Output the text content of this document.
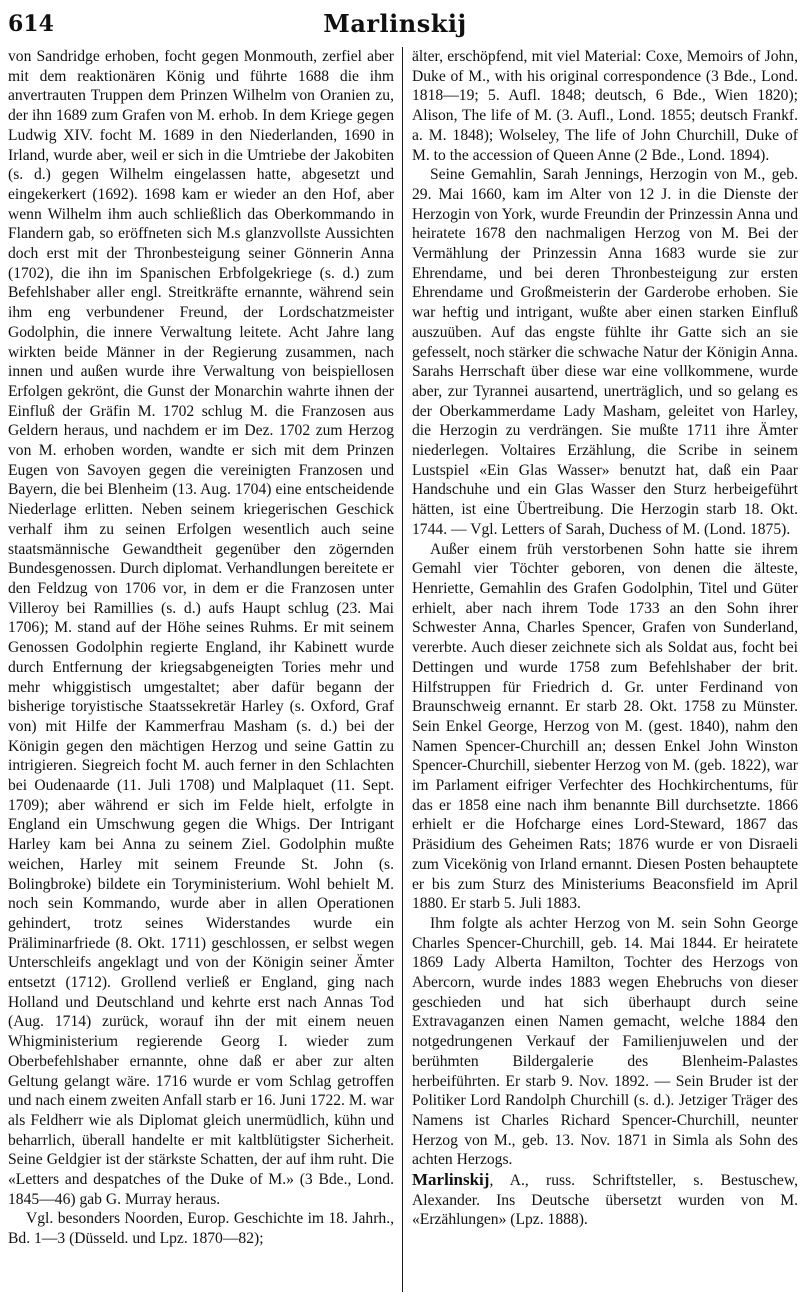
614	Marlinskij

von Sandridge erhoben, focht gegen Monmouth, zerfiel aber mit dem reaktionären König und führte 1688 die ihm anvertrauten Truppen dem Prinzen Wilhelm von Oranien zu, der ihn 1689 zum Grafen von M. erhob. In dem Kriege gegen Ludwig XIV. focht M. 1689 in den Niederlanden, 1690 in Irland, wurde aber, weil er sich in die Umtriebe der Jakobiten (s. d.) gegen Wilhelm eingelassen hatte, abgesetzt und eingekerkert (1692). 1698 kam er wieder an den Hof, aber wenn Wilhelm ihm auch schließlich das Oberkommando in Flandern gab, so eröffneten sich M.s glanzvollste Aussichten doch erst mit der Thronbesteigung seiner Gönnerin Anna (1702), die ihn im Spanischen Erbfolgekriege (s. d.) zum Befehlshaber aller engl. Streitkräfte ernannte, während sein ihm eng verbundener Freund, der Lordschatzmeister Godolphin, die innere Verwaltung leitete. Acht Jahre lang wirkten beide Männer in der Regierung zusammen, nach innen und außen wurde ihre Verwaltung von beispiellosen Erfolgen gekrönt, die Gunst der Monarchin wahrte ihnen der Einfluß der Gräfin M. 1702 schlug M. die Franzosen aus Geldern heraus, und nachdem er im Dez. 1702 zum Herzog von M. erhoben worden, wandte er sich mit dem Prinzen Eugen von Savoyen gegen die vereinigten Franzosen und Bayern, die bei Blenheim (13. Aug. 1704) eine entscheidende Niederlage erlitten. Neben seinem kriegerischen Geschick verhalf ihm zu seinen Erfolgen wesentlich auch seine staatsmännische Gewandtheit gegenüber den zögernden Bundesgenossen. Durch diplomat. Verhandlungen bereitete er den Feldzug von 1706 vor, in dem er die Franzosen unter Villeroy bei Ramillies (s. d.) aufs Haupt schlug (23. Mai 1706); M. stand auf der Höhe seines Ruhms. Er mit seinem Genossen Godolphin regierte England, ihr Kabinett wurde durch Entfernung der kriegsabgeneigten Tories mehr und mehr whiggistisch umgestaltet; aber dafür begann der bisherige toryistische Staatssekretär Harley (s. Oxford, Graf von) mit Hilfe der Kammerfrau Masham (s. d.) bei der Königin gegen den mächtigen Herzog und seine Gattin zu intrigieren. Siegreich focht M. auch ferner in den Schlachten bei Oudenaarde (11. Juli 1708) und Malplaquet (11. Sept. 1709); aber während er sich im Felde hielt, erfolgte in England ein Umschwung gegen die Whigs. Der Intrigant Harley kam bei Anna zu seinem Ziel. Godolphin mußte weichen, Harley mit seinem Freunde St. John (s. Bolingbroke) bildete ein Toryministerium. Wohl behielt M. noch sein Kommando, wurde aber in allen Operationen gehindert, trotz seines Widerstandes wurde ein Präliminarfriede (8. Okt. 1711) geschlossen, er selbst wegen Unterschleifs angeklagt und von der Königin seiner Ämter entsetzt (1712). Grollend verließ er England, ging nach Holland und Deutschland und kehrte erst nach Annas Tod (Aug. 1714) zurück, worauf ihn der mit einem neuen Whigministerium regierende Georg I. wieder zum Oberbefehlshaber ernannte, ohne daß er aber zur alten Geltung gelangt wäre. 1716 wurde er vom Schlag getroffen und nach einem zweiten Anfall starb er 16. Juni 1722. M. war als Feldherr wie als Diplomat gleich unermüdlich, kühn und beharrlich, überall handelte er mit kaltblütigster Sicherheit. Seine Geldgier ist der stärkste Schatten, der auf ihm ruht. Die «Letters and despatches of the Duke of M.» (3 Bde., Lond. 1845—46) gab G. Murray heraus.

Vgl. besonders Noorden, Europ. Geschichte im 18. Jahrh., Bd. 1—3 (Düsseld. und Lpz. 1870—82);

älter, erschöpfend, mit viel Material: Coxe, Memoirs of John, Duke of M., with his original correspondence (3 Bde., Lond. 1818—19; 5. Aufl. 1848; deutsch, 6 Bde., Wien 1820); Alison, The life of M. (3. Aufl., Lond. 1855; deutsch Frankf. a. M. 1848); Wolseley, The life of John Churchill, Duke of M. to the accession of Queen Anne (2 Bde., Lond. 1894).

Seine Gemahlin, Sarah Jennings, Herzogin von M., geb. 29. Mai 1660, kam im Alter von 12 J. in die Dienste der Herzogin von York, wurde Freundin der Prinzessin Anna und heiratete 1678 den nachmaligen Herzog von M. Bei der Vermählung der Prinzessin Anna 1683 wurde sie zur Ehrendame, und bei deren Thronbesteigung zur ersten Ehrendame und Großmeisterin der Garderobe erhoben. Sie war heftig und intrigant, wußte aber einen starken Einfluß auszuüben. Auf das engste fühlte ihr Gatte sich an sie gefesselt, noch stärker die schwache Natur der Königin Anna. Sarahs Herrschaft über diese war eine vollkommene, wurde aber, zur Tyrannei ausartend, unerträglich, und so gelang es der Oberkammerdame Lady Masham, geleitet von Harley, die Herzogin zu verdrängen. Sie mußte 1711 ihre Ämter niederlegen. Voltaires Erzählung, die Scribe in seinem Lustspiel «Ein Glas Wasser» benutzt hat, daß ein Paar Handschuhe und ein Glas Wasser den Sturz herbeigeführt hätten, ist eine Übertreibung. Die Herzogin starb 18. Okt. 1744. — Vgl. Letters of Sarah, Duchess of M. (Lond. 1875).

Außer einem früh verstorbenen Sohn hatte sie ihrem Gemahl vier Töchter geboren, von denen die älteste, Henriette, Gemahlin des Grafen Godolphin, Titel und Güter erhielt, aber nach ihrem Tode 1733 an den Sohn ihrer Schwester Anna, Charles Spencer, Grafen von Sunderland, vererbte. Auch dieser zeichnete sich als Soldat aus, focht bei Dettingen und wurde 1758 zum Befehlshaber der brit. Hilfstruppen für Friedrich d. Gr. unter Ferdinand von Braunschweig ernannt. Er starb 28. Okt. 1758 zu Münster. Sein Enkel George, Herzog von M. (gest. 1840), nahm den Namen Spencer-Churchill an; dessen Enkel John Winston Spencer-Churchill, siebenter Herzog von M. (geb. 1822), war im Parlament eifriger Verfechter des Hochkirchentums, für das er 1858 eine nach ihm benannte Bill durchsetzte. 1866 erhielt er die Hofcharge eines Lord-Steward, 1867 das Präsidium des Geheimen Rats; 1876 wurde er von Disraeli zum Vicekönig von Irland ernannt. Diesen Posten behauptete er bis zum Sturz des Ministeriums Beaconsfield im April 1880. Er starb 5. Juli 1883.

Ihm folgte als achter Herzog von M. sein Sohn George Charles Spencer-Churchill, geb. 14. Mai 1844. Er heiratete 1869 Lady Alberta Hamilton, Tochter des Herzogs von Abercorn, wurde indes 1883 wegen Ehebruchs von dieser geschieden und hat sich überhaupt durch seine Extravaganzen einen Namen gemacht, welche 1884 den notgedrungenen Verkauf der Familienjuwelen und der berühmten Bildergalerie des Blenheim-Palastes herbeiführten. Er starb 9. Nov. 1892. — Sein Bruder ist der Politiker Lord Randolph Churchill (s. d.). Jetziger Träger des Namens ist Charles Richard Spencer-Churchill, neunter Herzog von M., geb. 13. Nov. 1871 in Simla als Sohn des achten Herzogs.

Marlinskij, A., russ. Schriftsteller, s. Bestuschew, Alexander. Ins Deutsche übersetzt wurden von M. «Erzählungen» (Lpz. 1888).
